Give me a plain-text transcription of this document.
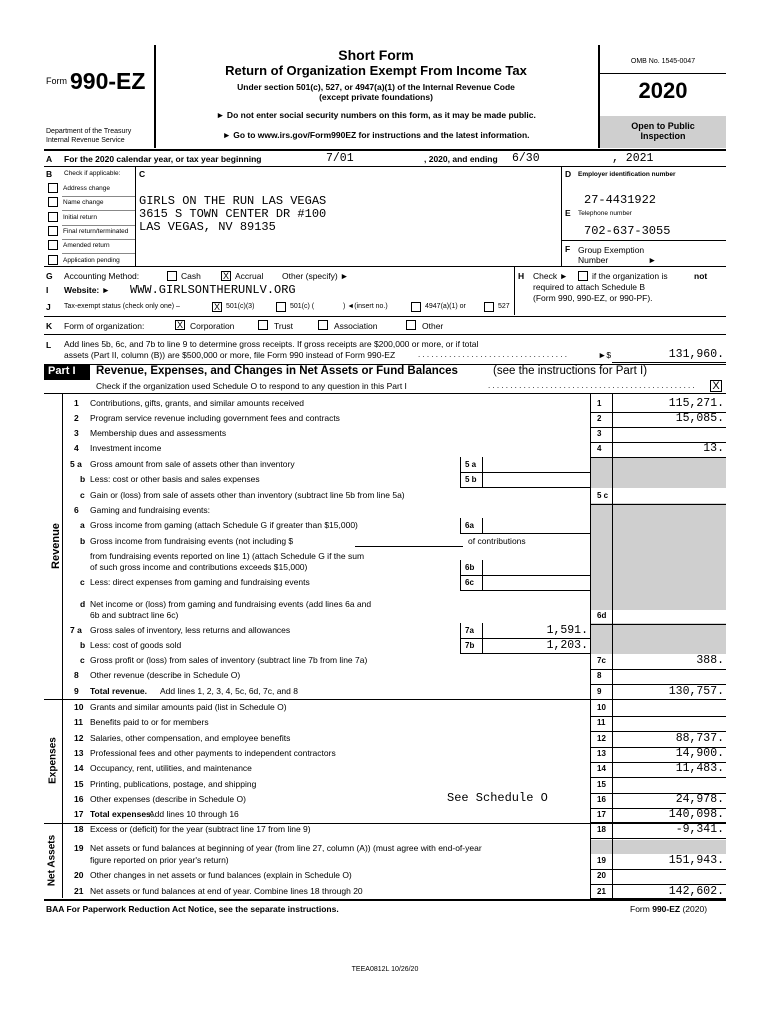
Form 990-EZ
Department of the Treasury
Internal Revenue Service
Short Form
Return of Organization Exempt From Income Tax
Under section 501(c), 527, or 4947(a)(1) of the Internal Revenue Code
(except private foundations)
► Do not enter social security numbers on this form, as it may be made public.
► Go to www.irs.gov/Form990EZ for instructions and the latest information.
OMB No. 1545-0047
2020
Open to Public
Inspection
A For the 2020 calendar year, or tax year beginning	7/01	, 2020, and ending 6/30	, 2021
B Check if applicable:
Address change
Name change
Initial return
Final return/terminated
Amended return
Application pending
C
GIRLS ON THE RUN LAS VEGAS
3615 S TOWN CENTER DR #100
LAS VEGAS, NV 89135
D Employer identification number
27-4431922
E Telephone number
702-637-3055
F Group Exemption
Number	►
G Accounting Method:	Cash X Accrual Other (specify) ►	H Check ►	if the organization is	not
required to attach Schedule B
(Form 990, 990-EZ, or 990-PF).
I Website: ► WWW.GIRLSONTHERUNLV.ORG
J Tax-exempt status (check only one) –	X 501(c)(3)	501(c) (	) ◄(insert no.)	4947(a)(1) or	527
K Form of organization:	X Corporation	Trust	Association	Other
L Add lines 5b, 6c, and 7b to line 9 to determine gross receipts. If gross receipts are $200,000 or more, or if total
assets (Part II, column (B)) are $500,000 or more, file Form 990 instead of Form 990-EZ	. . . . . . . . . . . . . . . . . . . . . . . . . . . . . . . . . .	►$	131,960.
Part I	Revenue, Expenses, and Changes in Net Assets or Fund Balances	(see the instructions for Part I)
Check if the organization used Schedule O to respond to any question in this Part I	. . . . . . . . . . . . . . . . . . . . . . . . . . . . . . . . . . . . . . . . . . . . . . .	X
Revenue
Expenses
Net Assets
1 Contributions, gifts, grants, and similar amounts received	1	115,271.
2 Program service revenue including government fees and contracts	2	15,085.
3 Membership dues and assessments	3
4 Investment income	4	13.
5 a Gross amount from sale of assets other than inventory	5 a
b Less: cost or other basis and sales expenses	5 b
c Gain or (loss) from sale of assets other than inventory (subtract line 5b from line 5a)	5 c
6 Gaming and fundraising events:
a Gross income from gaming (attach Schedule G if greater than $15,000)	6a
b Gross income from fundraising events (not including $	of contributions
from fundraising events reported on line 1) (attach Schedule G if the sum
of such gross income and contributions exceeds $15,000)	6b
c Less: direct expenses from gaming and fundraising events	6c
d Net income or (loss) from gaming and fundraising events (add lines 6a and
6b and subtract line 6c)	6d
7 a Gross sales of inventory, less returns and allowances	7a	1,591.
b Less: cost of goods sold	7b	1,203.
c Gross profit or (loss) from sales of inventory (subtract line 7b from line 7a)	7c	388.
8 Other revenue (describe in Schedule O)	8
9 Total revenue. Add lines 1, 2, 3, 4, 5c, 6d, 7c, and 8	9	130,757.
10 Grants and similar amounts paid (list in Schedule O)	10
11 Benefits paid to or for members	11
12 Salaries, other compensation, and employee benefits	12	88,737.
13 Professional fees and other payments to independent contractors	13	14,900.
14 Occupancy, rent, utilities, and maintenance	14	11,483.
15 Printing, publications, postage, and shipping	15
16 Other expenses (describe in Schedule O)	See Schedule O	16	24,978.
17 Total expenses.
Add lines 10 through 16	17	140,098.
18 Excess or (deficit) for the year (subtract line 17 from line 9)	18	-9,341.
19 Net assets or fund balances at beginning of year (from line 27, column (A)) (must agree with end-of-year
figure reported on prior year's return)	19	151,943.
20 Other changes in net assets or fund balances (explain in Schedule O)	20
21 Net assets or fund balances at end of year. Combine lines 18 through 20	21	142,602.
BAA For Paperwork Reduction Act Notice, see the separate instructions.	Form 990-EZ (2020)
TEEA0812L 10/26/20
